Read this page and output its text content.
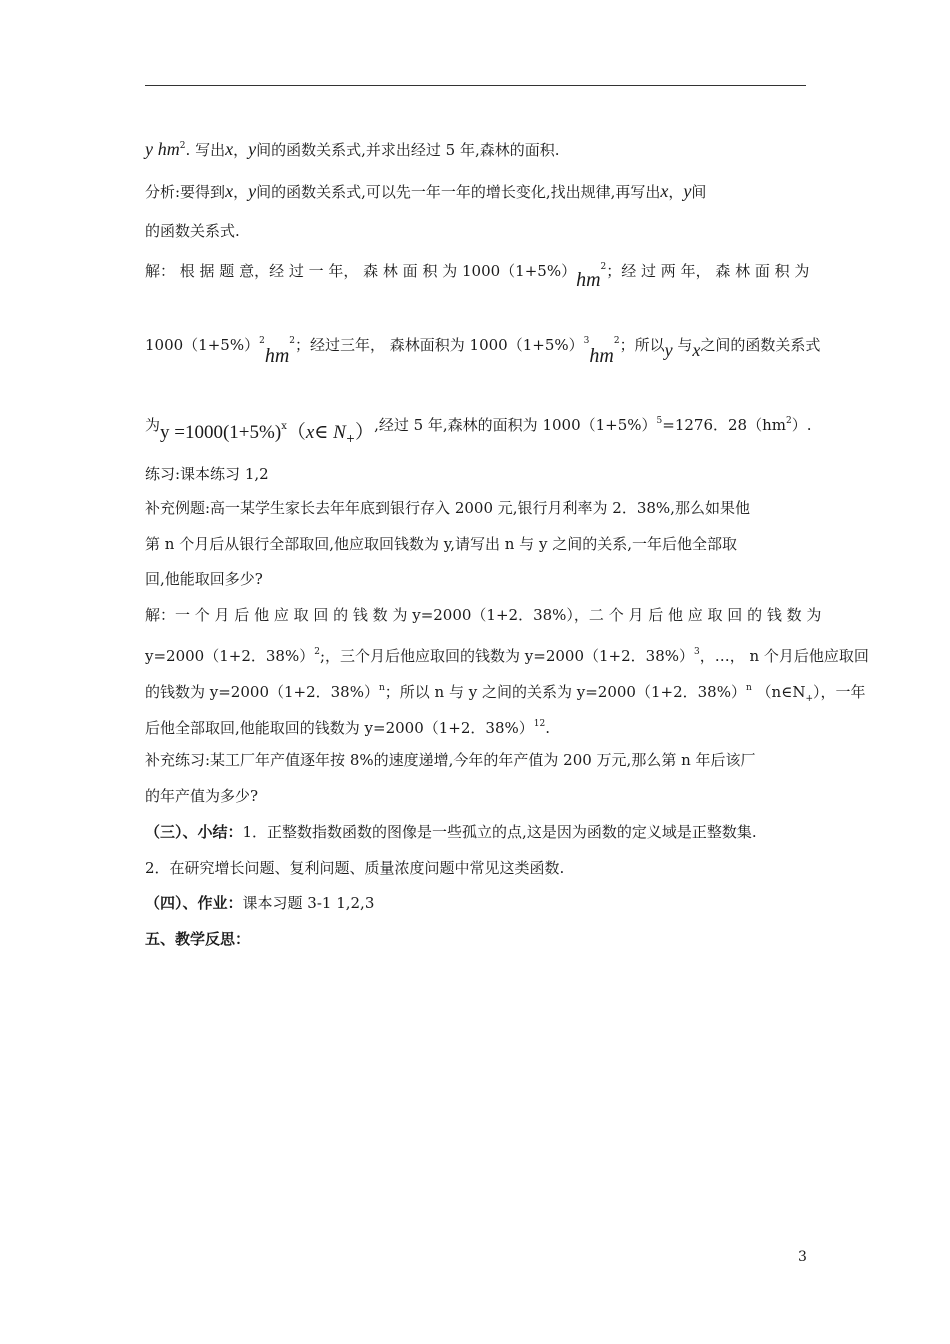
y $hm^2$. 写出x，y间的函数关系式,并求出经过 5 年,森林的面积.
分析:要得到x，y间的函数关系式,可以先一年一年的增长变化,找出规律,再写出x，y间
的函数关系式.
解： 根 据 题 意，经 过 一 年， 森 林 面 积 为 $1000(1+5\%)hm^2$；经 过 两 年， 森 林 面 积 为
$1000(1+5\%)^2hm^2$；经过三年， 森林面积为 $1000(1+5\%)^3hm^2$；所以y 与x之间的函数关系式
为$y =1000(1+5\%)^x(x\in$ $N_+$）,经过 5 年,森林的面积为 $1000(1+5\%)^5=1276$．$28(hm^2)$.
练习:课本练习 1,2
补充例题:高一某学生家长去年年底到银行存入 2000 元,银行月利率为 2．38%,那么如果他
第 n 个月后从银行全部取回,他应取回钱数为 y,请写出 n 与 y 之间的关系,一年后他全部取
回,他能取回多少?
解：一 个 月 后 他 应 取 回 的 钱 数 为 y=2000（1+2．38%），二 个 月 后 他 应 取 回 的 钱 数 为
y=2000（1+2．38%）$^2$;，三个月后他应取回的钱数为 y=2000（1+2．38%）$^3$，…， n 个月后他应取回
的钱数为 y=2000（1+2．38%）$^n$；所以 n 与 y 之间的关系为 y=2000（1+2．38%）$^n$ $(n\in N_+)$，一年
后他全部取回,他能取回的钱数为 y=2000（1+2．38%）$^{12}$.
补充练习:某工厂年产值逐年按 8%的速度递增,今年的年产值为 200 万元,那么第 n 年后该厂
的年产值为多少?
（三）、小结：1．正整数指数函数的图像是一些孤立的点,这是因为函数的定义域是正整数集.
2．在研究增长问题、复利问题、质量浓度问题中常见这类函数.
（四）、作业：课本习题 3-1 1,2,3
五、教学反思：
3
